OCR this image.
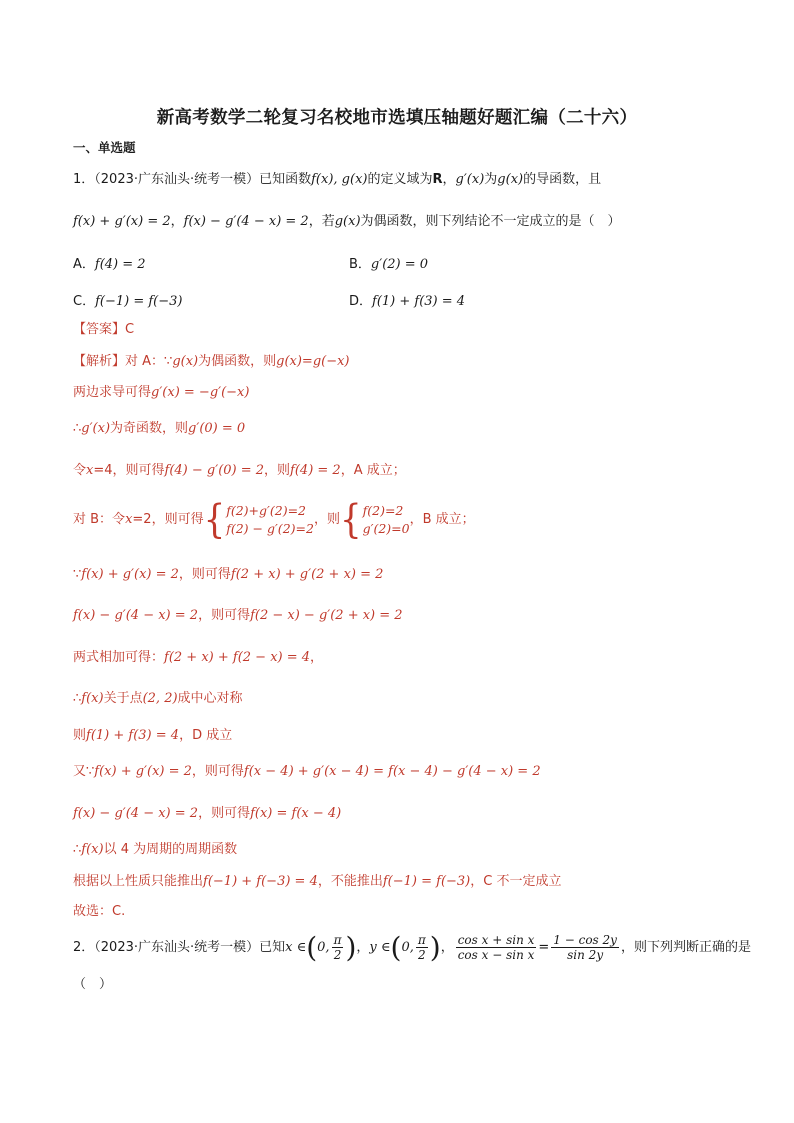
新高考数学二轮复习名校地市选填压轴题好题汇编（二十六）
一、单选题
1．（2023·广东汕头·统考一模）已知函数f(x), g(x)的定义域为R，g′(x)为g(x)的导函数，且
f(x) + g′(x) = 2，f(x) − g′(4 − x) = 2，若g(x)为偶函数，则下列结论不一定成立的是（　）
A．f(4) = 2	B．g′(2) = 0
C．f(−1) = f(−3)	D．f(1) + f(3) = 4
【答案】C
【解析】对 A：∵g(x)为偶函数，则g(x)=g(−x)
两边求导可得g′(x) = −g′(−x)
∴g′(x)为奇函数，则g′(0) = 0
令x=4，则可得f(4) − g′(0) = 2，则f(4) = 2，A 成立；
对 B：令x=2，则可得{ f(2)+g′(2)=2
f(2) − g′(2)=2
，则{ f(2)=2
g′(2)=0
，B 成立；
∵f(x) + g′(x) = 2，则可得f(2 + x) + g′(2 + x) = 2
f(x) − g′(4 − x) = 2，则可得f(2 − x) − g′(2 + x) = 2
两式相加可得：f(2 + x) + f(2 − x) = 4，
∴f(x)关于点(2, 2)成中心对称
则f(1) + f(3) = 4，D 成立
又∵f(x) + g′(x) = 2，则可得f(x − 4) + g′(x − 4) = f(x − 4) − g′(4 − x) = 2
f(x) − g′(4 − x) = 2，则可得f(x) = f(x − 4)
∴f(x)以 4 为周期的周期函数
根据以上性质只能推出f(−1) + f(−3) = 4，不能推出f(−1) = f(−3)，C 不一定成立
故选：C.
2．（2023·广东汕头·统考一模）已知x ∈(0, $\frac{\pi}{2}$ )，y ∈(0, $\frac{\pi}{2}$ )， $\frac{\text{cos x + sin x}}{\text{cos x − sin x}} = \frac{1 - \cos 2y}{\sin 2y}$ ，则下列判断正确的是
（　）
